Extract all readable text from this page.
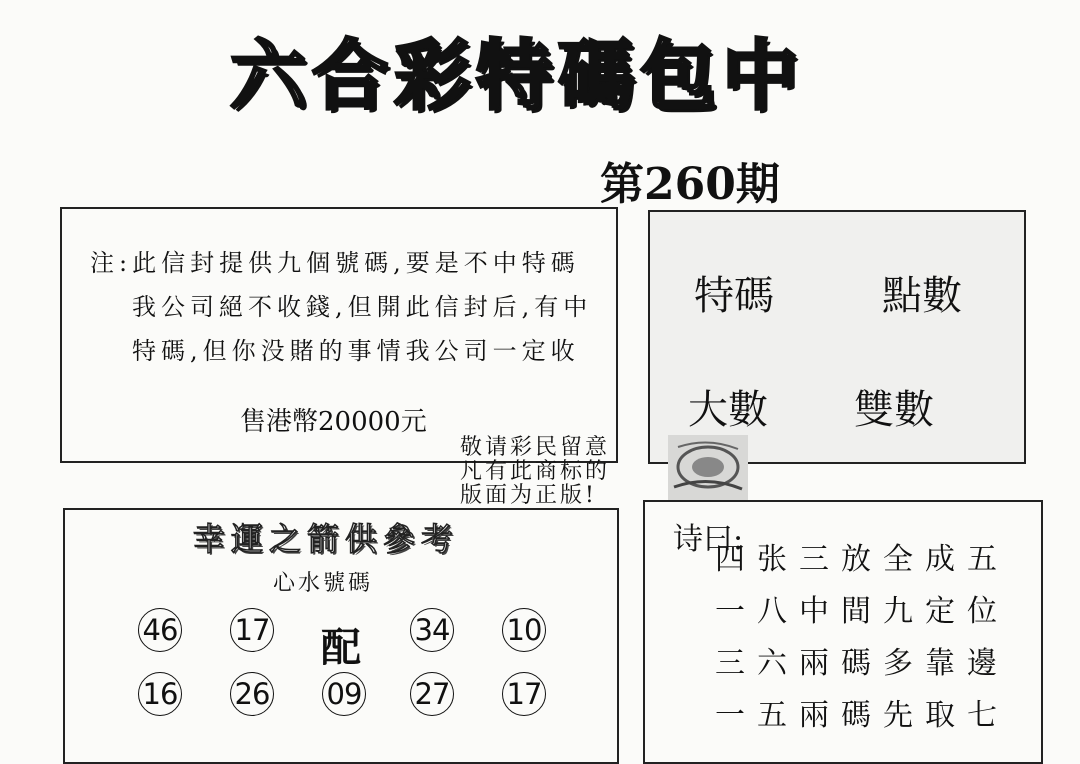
六合彩特碼包中
第260期
注:此信封提供九個號碼,要是不中特碼
我公司絕不收錢,但開此信封后,有中
特碼,但你没賭的事情我公司一定收
售港幣20000元
特碼	點數
大數 雙數
敬请彩民留意
凡有此商标的
版面为正版!
幸運之箭供參考
心水號碼
46 17 配 34 10
16 26 09 27 17
诗曰:
四张三放全成五
一八中間九定位
三六兩碼多靠邊
一五兩碼先取七
